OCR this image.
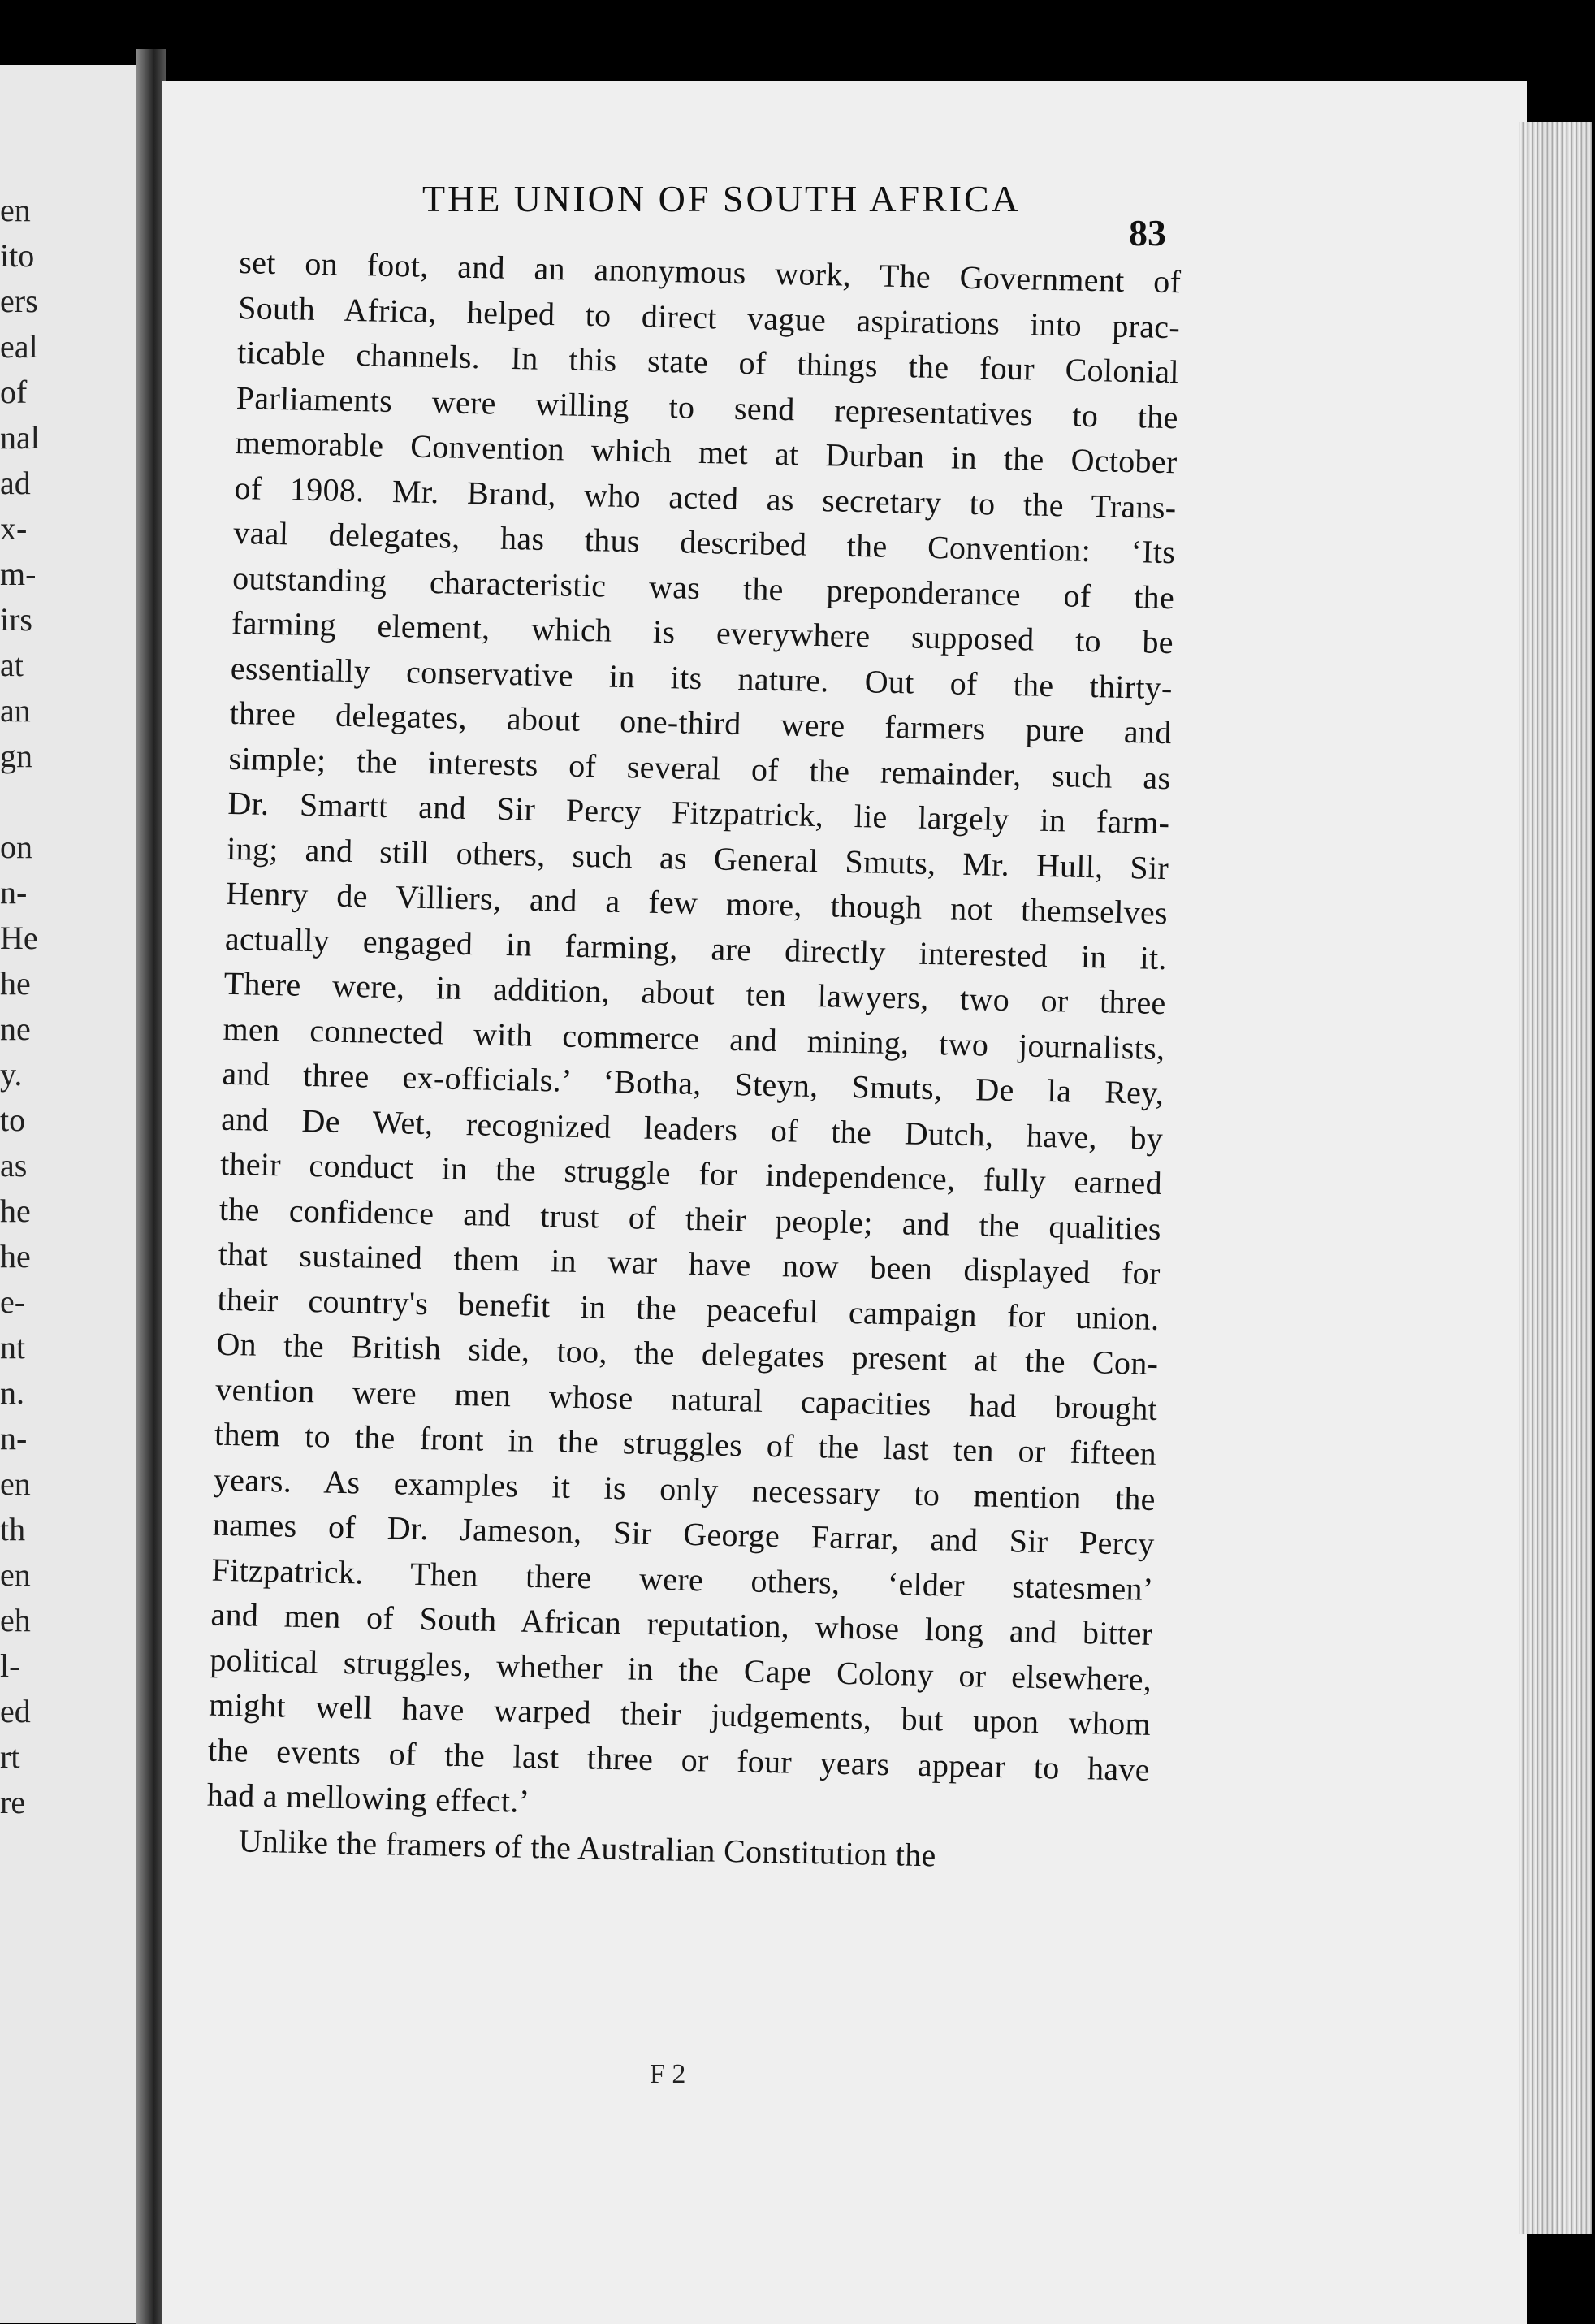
en
ito
ers
eal
of
nal
ad
x-
m-
irs
at
an
gn
on
n-
He
he
ne
y.
to
as
he
he
e-
nt
n.
n-
en
th
en
eh
l-
ed
rt
re
THE UNION OF SOUTH AFRICA
83
set on foot, and an anonymous work, The Government of
South Africa, helped to direct vague aspirations into prac-
ticable channels. In this state of things the four Colonial
Parliaments were willing to send representatives to the
memorable Convention which met at Durban in the October
of 1908. Mr. Brand, who acted as secretary to the Trans-
vaal delegates, has thus described the Convention: ‘Its
outstanding characteristic was the preponderance of the
farming element, which is everywhere supposed to be
essentially conservative in its nature. Out of the thirty-
three delegates, about one-third were farmers pure and
simple; the interests of several of the remainder, such as
Dr. Smartt and Sir Percy Fitzpatrick, lie largely in farm-
ing; and still others, such as General Smuts, Mr. Hull, Sir
Henry de Villiers, and a few more, though not themselves
actually engaged in farming, are directly interested in it.
There were, in addition, about ten lawyers, two or three
men connected with commerce and mining, two journalists,
and three ex-officials.’ ‘Botha, Steyn, Smuts, De la Rey,
and De Wet, recognized leaders of the Dutch, have, by
their conduct in the struggle for independence, fully earned
the confidence and trust of their people; and the qualities
that sustained them in war have now been displayed for
their country's benefit in the peaceful campaign for union.
On the British side, too, the delegates present at the Con-
vention were men whose natural capacities had brought
them to the front in the struggles of the last ten or fifteen
years. As examples it is only necessary to mention the
names of Dr. Jameson, Sir George Farrar, and Sir Percy
Fitzpatrick. Then there were others, ‘elder statesmen’
and men of South African reputation, whose long and bitter
political struggles, whether in the Cape Colony or elsewhere,
might well have warped their judgements, but upon whom
the events of the last three or four years appear to have
had a mellowing effect.’
Unlike the framers of the Australian Constitution the
F 2
